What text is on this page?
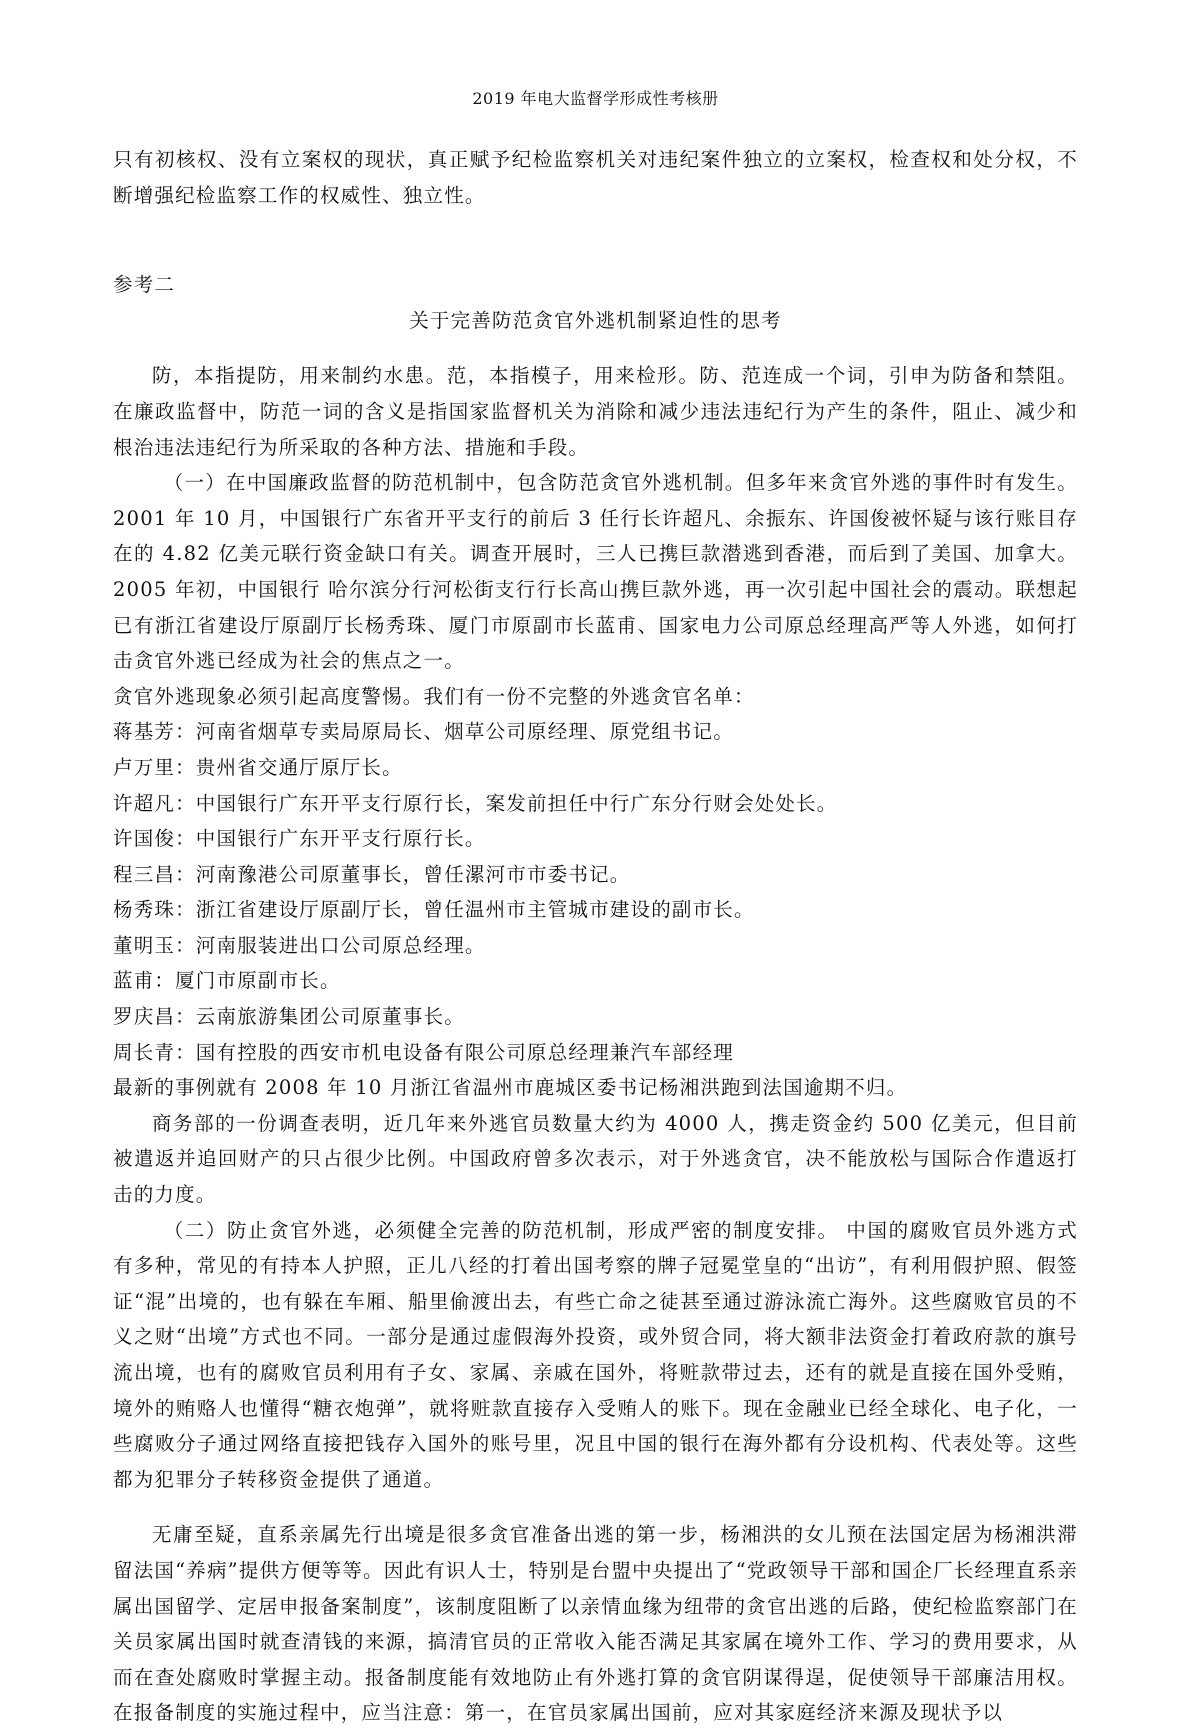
2019 年电大监督学形成性考核册

只有初核权、没有立案权的现状，真正赋予纪检监察机关对违纪案件独立的立案权，检查权和处分权，不断增强纪检监察工作的权威性、独立性。

参考二

关于完善防范贪官外逃机制紧迫性的思考

防，本指提防，用来制约水患。范，本指模子，用来检形。防、范连成一个词，引申为防备和禁阻。在廉政监督中，防范一词的含义是指国家监督机关为消除和减少违法违纪行为产生的条件，阻止、减少和根治违法违纪行为所采取的各种方法、措施和手段。

（一）在中国廉政监督的防范机制中，包含防范贪官外逃机制。但多年来贪官外逃的事件时有发生。2001 年 10 月，中国银行广东省开平支行的前后 3 任行长许超凡、余振东、许国俊被怀疑与该行账目存在的 4.82 亿美元联行资金缺口有关。调查开展时，三人已携巨款潜逃到香港，而后到了美国、加拿大。2005 年初，中国银行 哈尔滨分行河松街支行行长高山携巨款外逃，再一次引起中国社会的震动。联想起已有浙江省建设厅原副厅长杨秀珠、厦门市原副市长蓝甫、国家电力公司原总经理高严等人外逃，如何打击贪官外逃已经成为社会的焦点之一。

贪官外逃现象必须引起高度警惕。我们有一份不完整的外逃贪官名单：

蒋基芳：河南省烟草专卖局原局长、烟草公司原经理、原党组书记。

卢万里：贵州省交通厅原厅长。

许超凡：中国银行广东开平支行原行长，案发前担任中行广东分行财会处处长。

许国俊：中国银行广东开平支行原行长。

程三昌：河南豫港公司原董事长，曾任漯河市市委书记。

杨秀珠：浙江省建设厅原副厅长，曾任温州市主管城市建设的副市长。

董明玉：河南服装进出口公司原总经理。

蓝甫：厦门市原副市长。

罗庆昌：云南旅游集团公司原董事长。

周长青：国有控股的西安市机电设备有限公司原总经理兼汽车部经理

最新的事例就有 2008 年 10 月浙江省温州市鹿城区委书记杨湘洪跑到法国逾期不归。

商务部的一份调查表明，近几年来外逃官员数量大约为 4000 人，携走资金约 500 亿美元，但目前被遣返并追回财产的只占很少比例。中国政府曾多次表示，对于外逃贪官，决不能放松与国际合作遣返打击的力度。

（二）防止贪官外逃，必须健全完善的防范机制，形成严密的制度安排。 中国的腐败官员外逃方式有多种，常见的有持本人护照，正儿八经的打着出国考察的牌子冠冕堂皇的“出访”，有利用假护照、假签证“混”出境的，也有躲在车厢、船里偷渡出去，有些亡命之徒甚至通过游泳流亡海外。这些腐败官员的不义之财“出境”方式也不同。一部分是通过虚假海外投资，或外贸合同，将大额非法资金打着政府款的旗号流出境，也有的腐败官员利用有子女、家属、亲戚在国外，将赃款带过去，还有的就是直接在国外受贿，境外的贿赂人也懂得“糖衣炮弹”，就将赃款直接存入受贿人的账下。现在金融业已经全球化、电子化，一些腐败分子通过网络直接把钱存入国外的账号里，况且中国的银行在海外都有分设机构、代表处等。这些都为犯罪分子转移资金提供了通道。

无庸至疑，直系亲属先行出境是很多贪官准备出逃的第一步，杨湘洪的女儿预在法国定居为杨湘洪滞留法国“养病”提供方便等等。因此有识人士，特别是台盟中央提出了“党政领导干部和国企厂长经理直系亲属出国留学、定居申报备案制度”，该制度阻断了以亲情血缘为纽带的贪官出逃的后路，使纪检监察部门在关员家属出国时就查清钱的来源，搞清官员的正常收入能否满足其家属在境外工作、学习的费用要求，从而在查处腐败时掌握主动。报备制度能有效地防止有外逃打算的贪官阴谋得逞，促使领导干部廉洁用权。在报备制度的实施过程中，应当注意：第一，在官员家属出国前，应对其家庭经济来源及现状予以
